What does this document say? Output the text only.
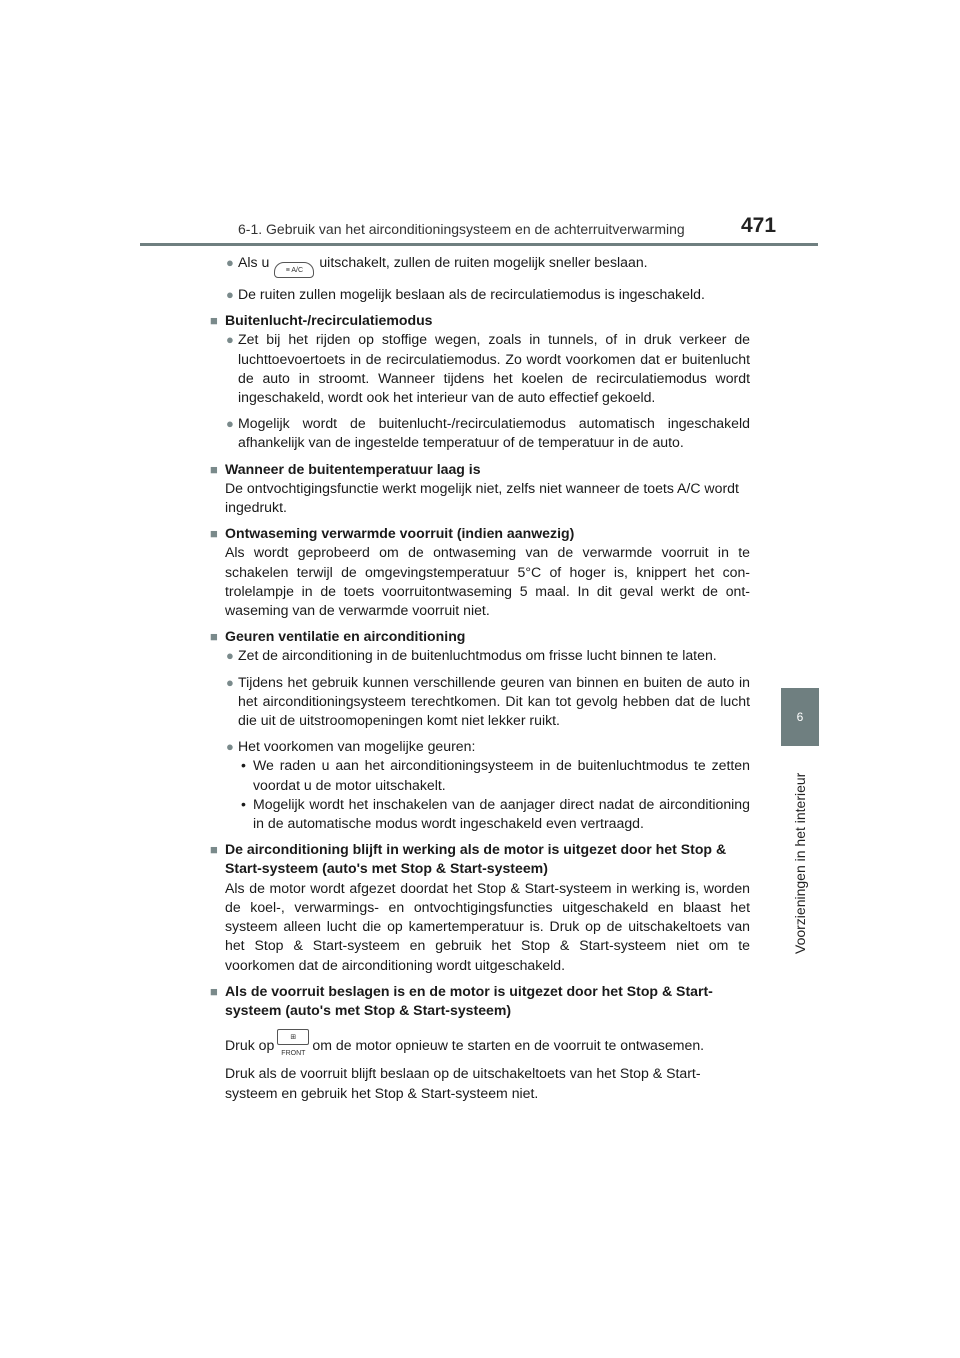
6-1. Gebruik van het airconditioningsysteem en de achterruitverwarming	471
6
Voorzieningen in het interieur

● Als u≡ A/Cuitschakelt, zullen de ruiten mogelijk sneller beslaan.

● De ruiten zullen mogelijk beslaan als de recirculatiemodus is ingeschakeld.

■ Buitenlucht-/recirculatiemodus

● Zet bij het rijden op stoffige wegen, zoals in tunnels, of in druk verkeer de luchttoevoertoets in de recirculatiemodus. Zo wordt voorkomen dat er buitenlucht de auto in stroomt. Wanneer tijdens het koelen de recirculatiemodus wordt ingeschakeld, wordt ook het interieur van de auto effectief gekoeld.

● Mogelijk wordt de buitenlucht-/recirculatiemodus automatisch ingeschakeld afhankelijk van de ingestelde temperatuur of de temperatuur in de auto.

■ Wanneer de buitentemperatuur laag is

De ontvochtigingsfunctie werkt mogelijk niet, zelfs niet wanneer de toets A/C wordt ingedrukt.

■ Ontwaseming verwarmde voorruit (indien aanwezig)

Als wordt geprobeerd om de ontwaseming van de verwarmde voorruit in te schakelen terwijl de omgevingstemperatuur 5°C of hoger is, knippert het controlelampje in de toets voorruitontwaseming 5 maal. In dit geval werkt de ontwaseming van de verwarmde voorruit niet.

■ Geuren ventilatie en airconditioning

● Zet de airconditioning in de buitenluchtmodus om frisse lucht binnen te laten.

● Tijdens het gebruik kunnen verschillende geuren van binnen en buiten de auto in het airconditioningsysteem terechtkomen. Dit kan tot gevolg hebben dat de lucht die uit de uitstroomopeningen komt niet lekker ruikt.

● Het voorkomen van mogelijke geuren:

• We raden u aan het airconditioningsysteem in de buitenluchtmodus te zetten voordat u de motor uitschakelt.

• Mogelijk wordt het inschakelen van de aanjager direct nadat de airconditioning in de automatische modus wordt ingeschakeld even vertraagd.

■ De airconditioning blijft in werking als de motor is uitgezet door het Stop & Start-systeem (auto's met Stop & Start-systeem)

Als de motor wordt afgezet doordat het Stop & Start-systeem in werking is, worden de koel-, verwarmings- en ontvochtigingsfuncties uitgeschakeld en blaast het systeem alleen lucht die op kamertemperatuur is. Druk op de uitschakeltoets van het Stop & Start-systeem en gebruik het Stop & Start-systeem niet om te voorkomen dat de airconditioning wordt uitgeschakeld.

■ Als de voorruit beslagen is en de motor is uitgezet door het Stop & Start-systeem (auto's met Stop & Start-systeem)

Druk op ⊞ FRONTom de motor opnieuw te starten en de voorruit te ontwasemen.

Druk als de voorruit blijft beslaan op de uitschakeltoets van het Stop & Start-systeem en gebruik het Stop & Start-systeem niet.
